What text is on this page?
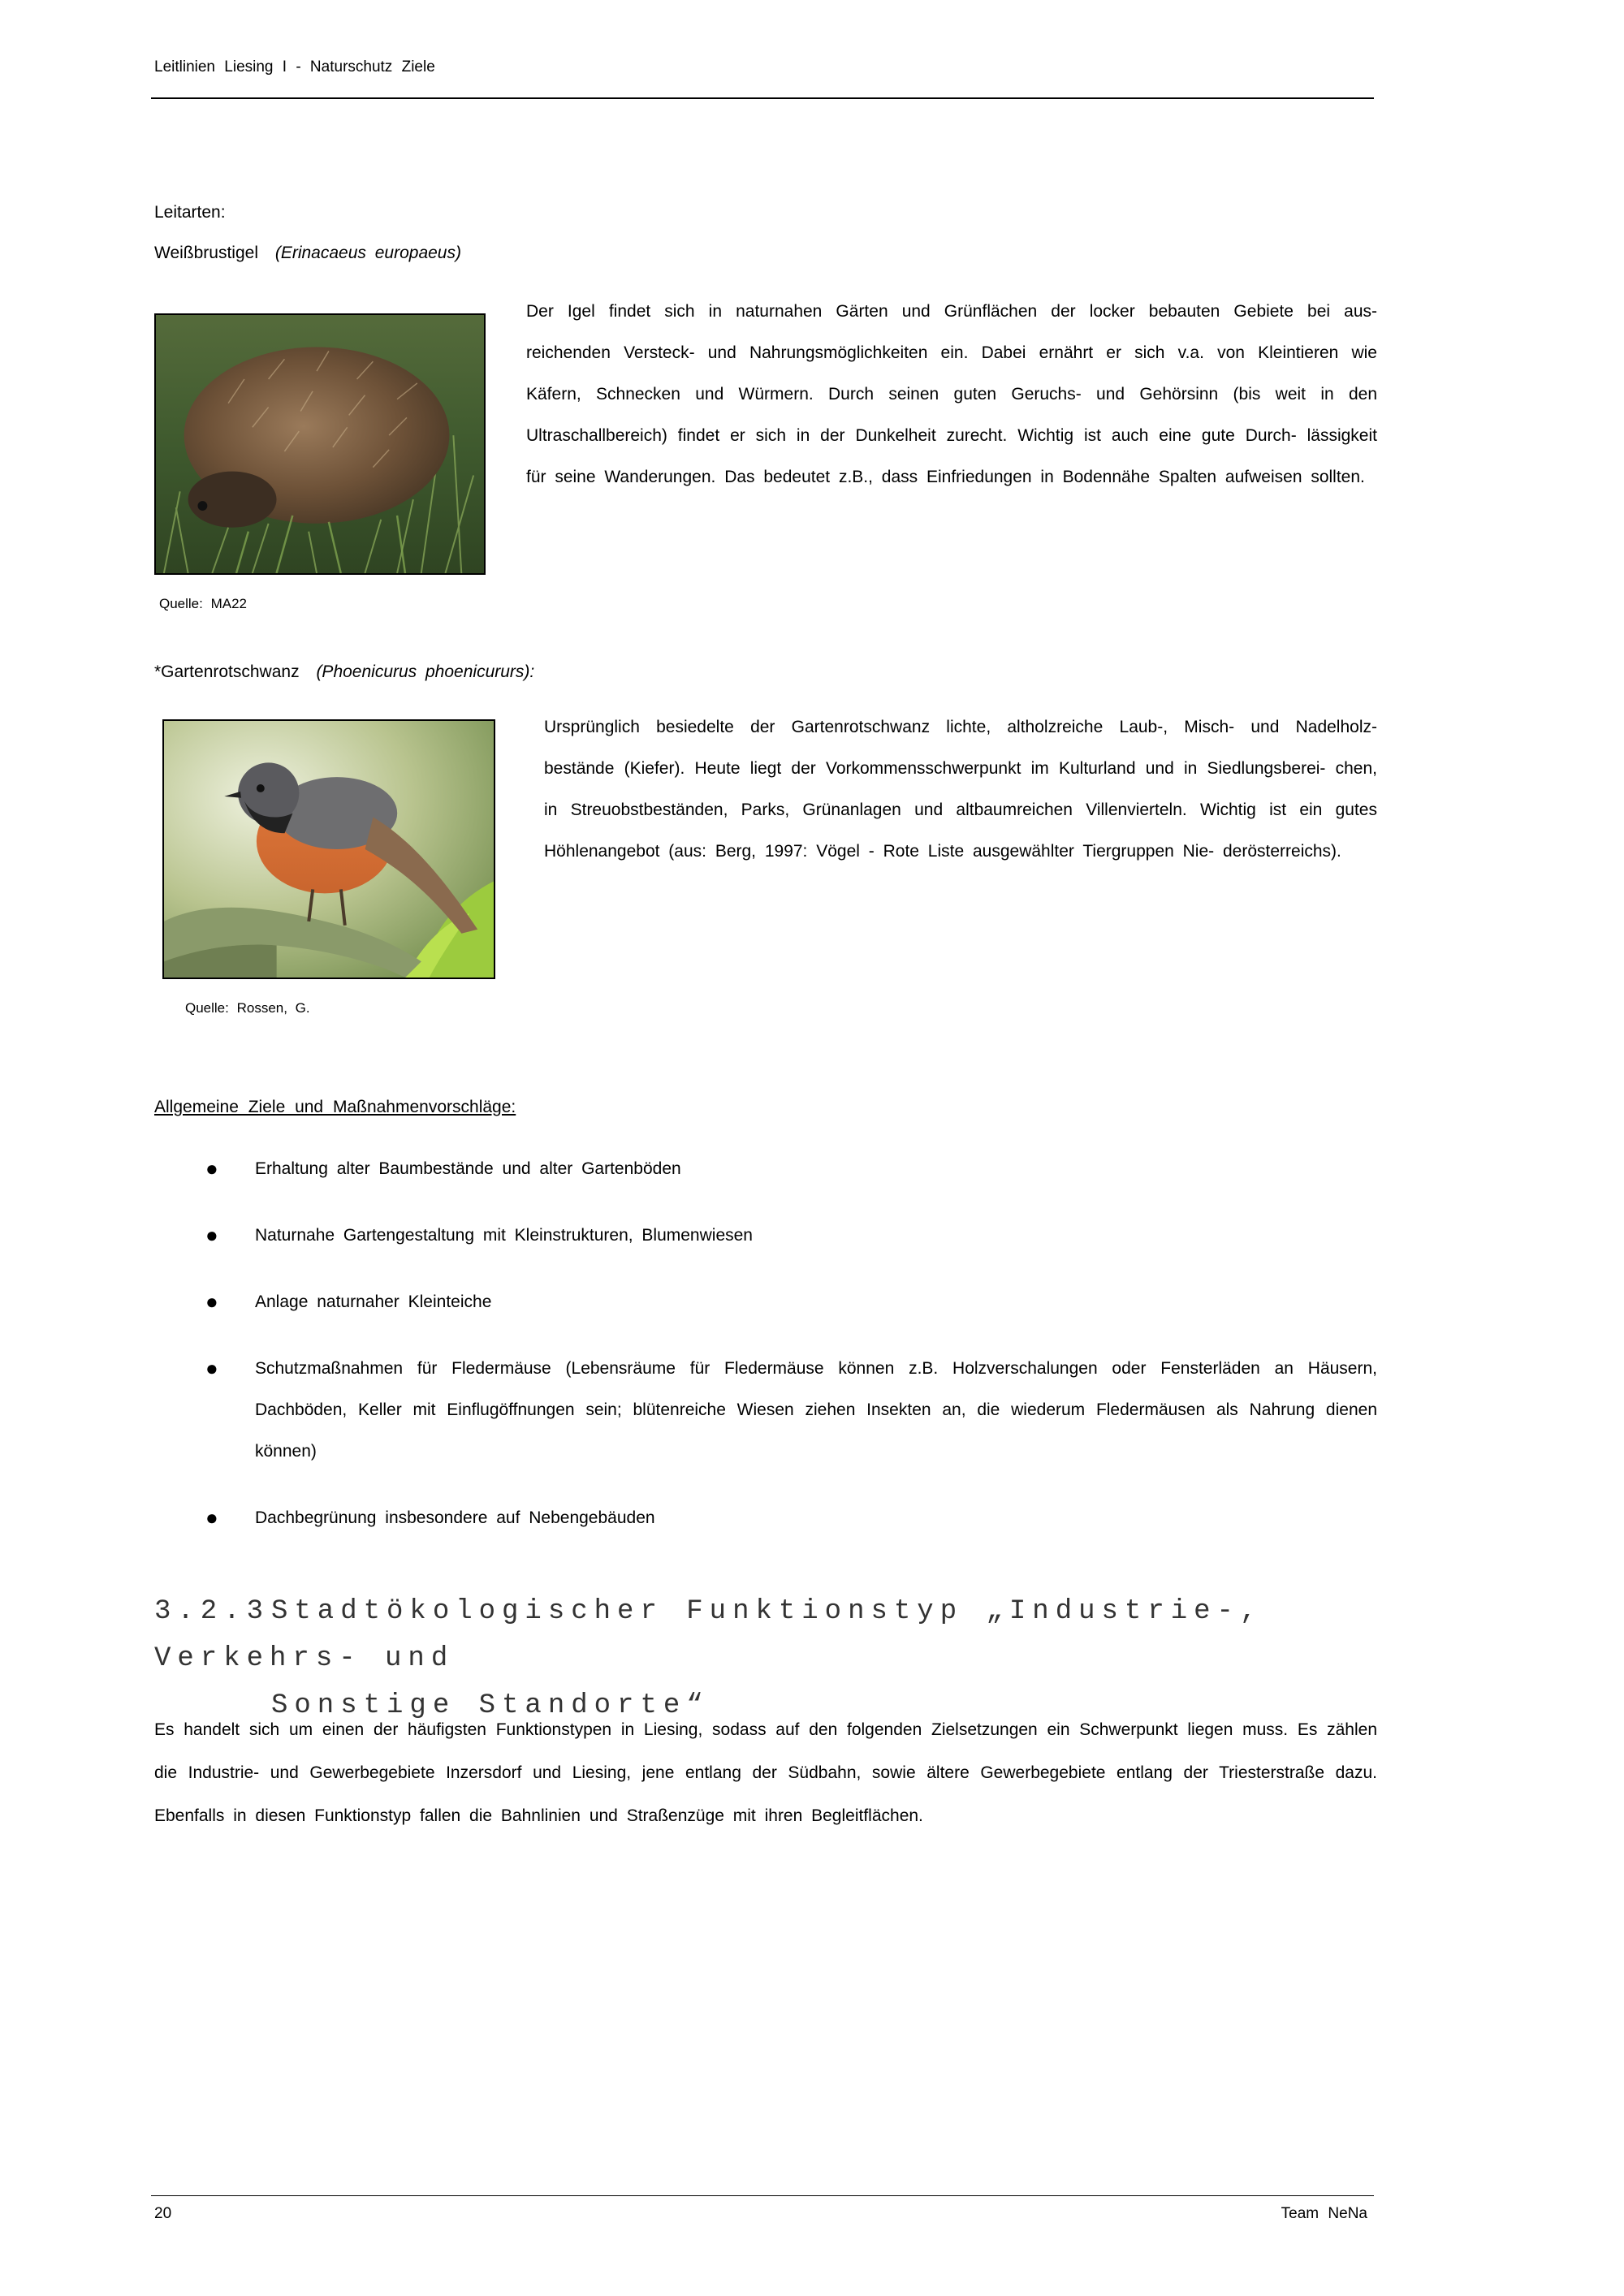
Leitlinien Liesing I - Naturschutz Ziele
Leitarten:
Weißbrustigel (Erinacaeus europaeus)
Der Igel findet sich in naturnahen Gärten und Grünflächen der locker bebauten Gebiete bei aus- reichenden Versteck- und Nahrungsmöglichkeiten ein. Dabei ernährt er sich v.a. von Kleintieren wie Käfern, Schnecken und Würmern. Durch seinen guten Geruchs- und Gehörsinn (bis weit in den Ultraschallbereich) findet er sich in der Dunkelheit zurecht. Wichtig ist auch eine gute Durch- lässigkeit für seine Wanderungen. Das bedeutet z.B., dass Einfriedungen in Bodennähe Spalten aufweisen sollten.
Quelle: MA22
*Gartenrotschwanz (Phoenicurus phoenicururs):
Ursprünglich besiedelte der Gartenrotschwanz lichte, altholzreiche Laub-, Misch- und Nadelholz- bestände (Kiefer). Heute liegt der Vorkommensschwerpunkt im Kulturland und in Siedlungsberei- chen, in Streuobstbeständen, Parks, Grünanlagen und altbaumreichen Villenvierteln. Wichtig ist ein gutes Höhlenangebot (aus: Berg, 1997: Vögel - Rote Liste ausgewählter Tiergruppen Nie- derösterreichs).
Quelle: Rossen, G.
Allgemeine Ziele und Maßnahmenvorschläge:
● Erhaltung alter Baumbestände und alter Gartenböden
● Naturnahe Gartengestaltung mit Kleinstrukturen, Blumenwiesen
● Anlage naturnaher Kleinteiche
● Schutzmaßnahmen für Fledermäuse (Lebensräume für Fledermäuse können z.B. Holzverschalungen oder Fensterläden an Häusern, Dachböden, Keller mit Einflugöffnungen sein; blütenreiche Wiesen ziehen Insekten an, die wiederum Fledermäusen als Nahrung dienen können)
● Dachbegrünung insbesondere auf Nebengebäuden
3.2.3Stadtökologischer Funktionstyp „Industrie-, Verkehrs- und
Sonstige Standorte“
Es handelt sich um einen der häufigsten Funktionstypen in Liesing, sodass auf den folgenden Zielsetzungen ein Schwerpunkt liegen muss. Es zählen die Industrie- und Gewerbegebiete Inzersdorf und Liesing, jene entlang der Südbahn, sowie ältere Gewerbegebiete entlang der Triesterstraße dazu. Ebenfalls in diesen Funktionstyp fallen die Bahnlinien und Straßenzüge mit ihren Begleitflächen.
20	Team NeNa
